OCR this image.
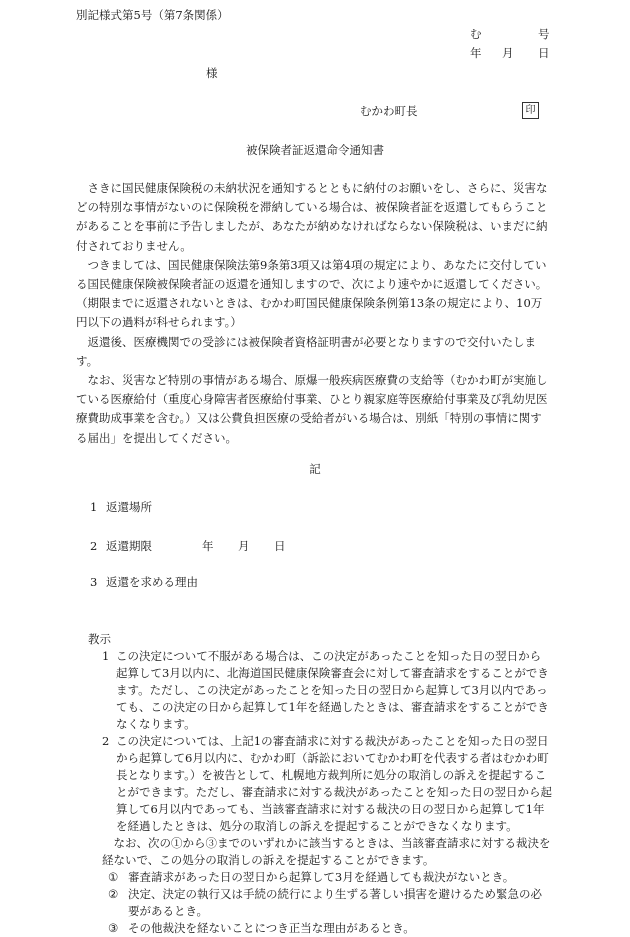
別記様式第5号（第7条関係）
む	号
年 月 日
様
むかわ町長	印
被保険者証返還命令通知書

さきに国民健康保険税の未納状況を通知するとともに納付のお願いをし、さらに、災害などの特別な事情がないのに保険税を滞納している場合は、被保険者証を返還してもらうことがあることを事前に予告しましたが、あなたが納めなければならない保険税は、いまだに納付されておりません。

つきましては、国民健康保険法第9条第3項又は第4項の規定により、あなたに交付している国民健康保険被保険者証の返還を通知しますので、次により速やかに返還してください。（期限までに返還されないときは、むかわ町国民健康保険条例第13条の規定により、10万円以下の過料が科せられます。）

返還後、医療機関での受診には被保険者資格証明書が必要となりますので交付いたします。

なお、災害など特別の事情がある場合、原爆一般疾病医療費の支給等（むかわ町が実施している医療給付（重度心身障害者医療給付事業、ひとり親家庭等医療給付事業及び乳幼児医療費助成事業を含む。）又は公費負担医療の受給者がいる場合は、別紙「特別の事情に関する届出」を提出してください。

記
1 返還場所
2 返還期限	年 月 日
3 返還を求める理由
教示

1 この決定について不服がある場合は、この決定があったことを知った日の翌日から起算して3月以内に、北海道国民健康保険審査会に対して審査請求をすることができます。ただし、この決定があったことを知った日の翌日から起算して3月以内であっても、この決定の日から起算して1年を経過したときは、審査請求をすることができなくなります。

2 この決定については、上記1の審査請求に対する裁決があったことを知った日の翌日から起算して6月以内に、むかわ町（訴訟においてむかわ町を代表する者はむかわ町長となります。）を被告として、札幌地方裁判所に処分の取消しの訴えを提起することができます。ただし、審査請求に対する裁決があったことを知った日の翌日から起算して6月以内であっても、当該審査請求に対する裁決の日の翌日から起算して1年を経過したときは、処分の取消しの訴えを提起することができなくなります。

なお、次の①から③までのいずれかに該当するときは、当該審査請求に対する裁決を経ないで、この処分の取消しの訴えを提起することができます。

① 審査請求があった日の翌日から起算して3月を経過しても裁決がないとき。

② 決定、決定の執行又は手続の続行により生ずる著しい損害を避けるため緊急の必要があるとき。

③ その他裁決を経ないことにつき正当な理由があるとき。
